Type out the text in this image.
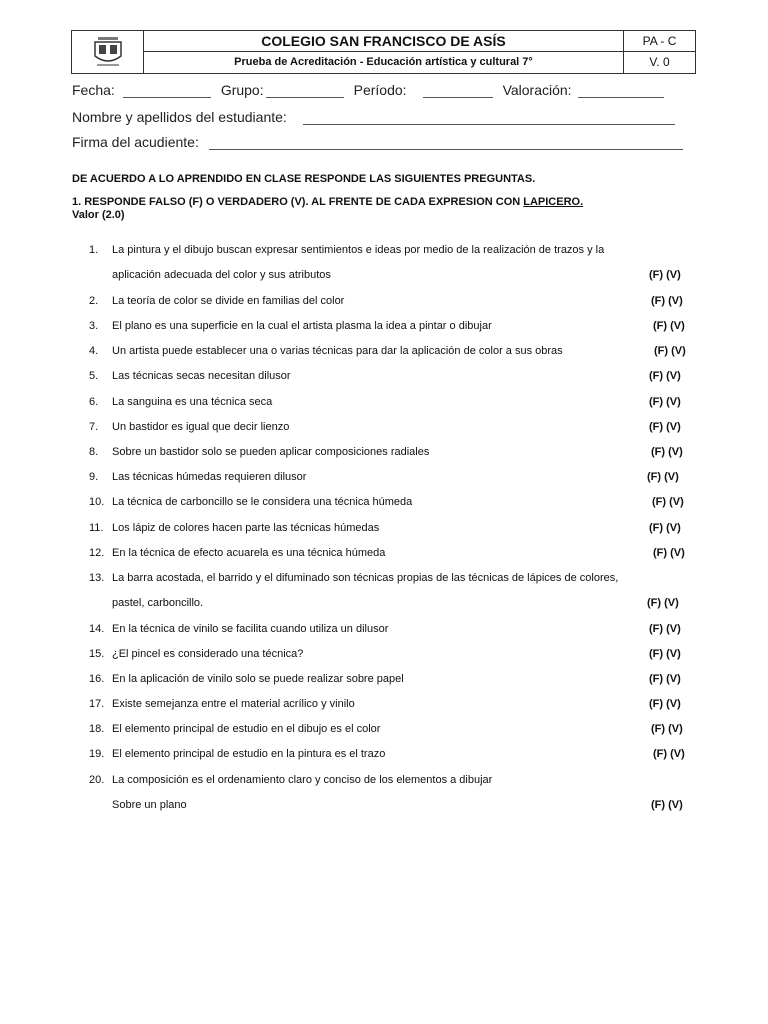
COLEGIO SAN FRANCISCO DE ASÍS
Prueba de Acreditación - Educación artística y cultural 7°
PA - C
V. 0
Fecha:	Grupo:	Período:	Valoración:
Nombre y apellidos del estudiante:
Firma del acudiente:
DE ACUERDO A LO APRENDIDO EN CLASE RESPONDE LAS SIGUIENTES PREGUNTAS.
1. RESPONDE FALSO (F) O VERDADERO (V). AL FRENTE DE CADA EXPRESION CON LAPICERO.
Valor (2.0)
1.	La pintura y el dibujo buscan expresar sentimientos e ideas por medio de la realización de trazos y la
aplicación adecuada del color y sus atributos	(F) (V)
2.	La teoría de color se divide en familias del color	(F) (V)
3.	El plano es una superficie en la cual el artista plasma la idea a pintar o dibujar	(F) (V)
4.	Un artista puede establecer una o varias técnicas para dar la aplicación de color a sus obras	(F) (V)
5.	Las técnicas secas necesitan dilusor	(F) (V)
6.	La sanguina es una técnica seca	(F) (V)
7.	Un bastidor es igual que decir lienzo	(F) (V)
8.	Sobre un bastidor solo se pueden aplicar composiciones radiales	(F) (V)
9.	Las técnicas húmedas requieren dilusor	(F) (V)
10. La técnica de carboncillo se le considera una técnica húmeda	(F) (V)
11. Los lápiz de colores hacen parte las técnicas húmedas	(F) (V)
12. En la técnica de efecto acuarela es una técnica húmeda	(F) (V)
13. La barra acostada, el barrido y el difuminado son técnicas propias de las técnicas de lápices de colores,
pastel, carboncillo.	(F) (V)
14. En la técnica de vinilo se facilita cuando utiliza un dilusor	(F) (V)
15. ¿El pincel es considerado una técnica?	(F) (V)
16. En la aplicación de vinilo solo se puede realizar sobre papel	(F) (V)
17. Existe semejanza entre el material acrílico y vinilo	(F) (V)
18. El elemento principal de estudio en el dibujo es el color	(F) (V)
19. El elemento principal de estudio en la pintura es el trazo	(F) (V)
20. La composición es el ordenamiento claro y conciso de los elementos a dibujar
Sobre un plano	(F) (V)
